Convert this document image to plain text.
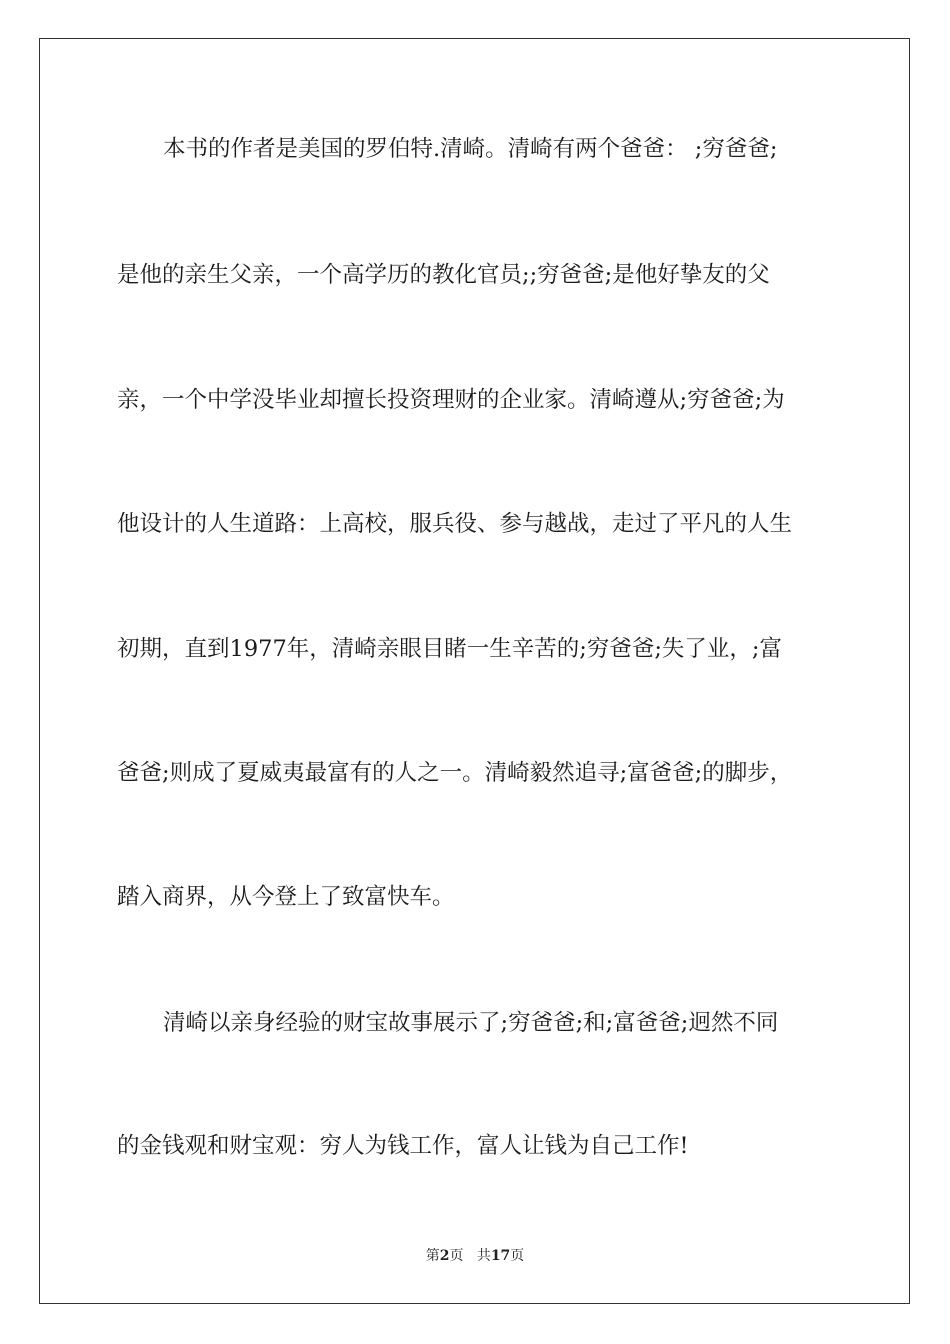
本书的作者是美国的罗伯特.清崎。清崎有两个爸爸： ;穷爸爸;
是他的亲生父亲，一个高学历的教化官员;;穷爸爸;是他好挚友的父
亲，一个中学没毕业却擅长投资理财的企业家。清崎遵从;穷爸爸;为
他设计的人生道路：上高校，服兵役、参与越战，走过了平凡的人生
初期，直到1977年，清崎亲眼目睹一生辛苦的;穷爸爸;失了业，;富
爸爸;则成了夏威夷最富有的人之一。清崎毅然追寻;富爸爸;的脚步，
踏入商界，从今登上了致富快车。
清崎以亲身经验的财宝故事展示了;穷爸爸;和;富爸爸;迥然不同
的金钱观和财宝观：穷人为钱工作，富人让钱为自己工作!
第2页 共17页
